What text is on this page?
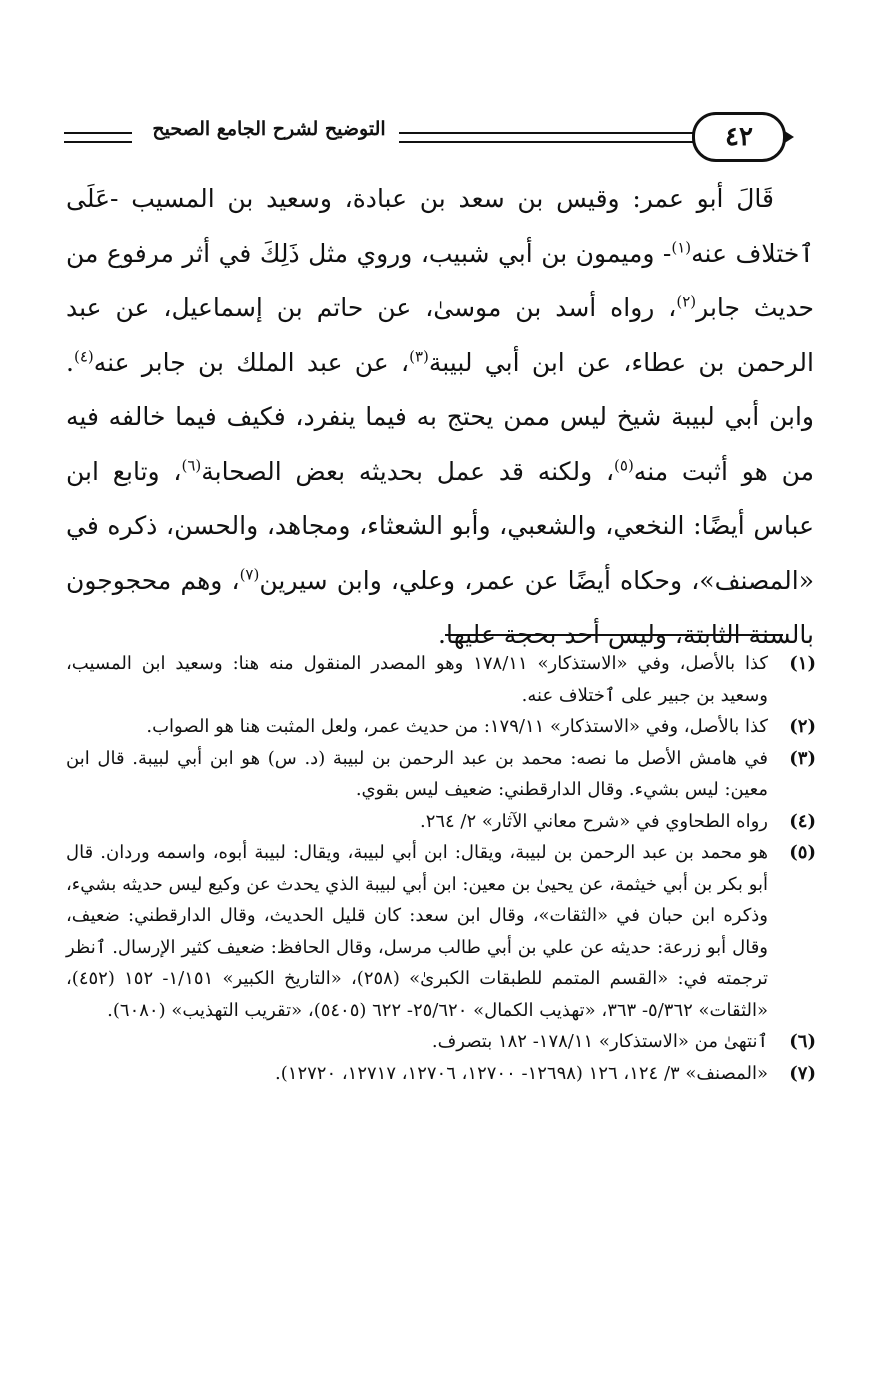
التوضيح لشرح الجامع الصحيح	٤٢

قَالَ أبو عمر: وقيس بن سعد بن عبادة، وسعيد بن المسيب -عَلَى ٱختلاف عنه$^{(١)}$- وميمون بن أبي شبيب، وروي مثل ذَلِكَ في أثر مرفوع من حديث جابر$^{(٢)}$، رواه أسد بن موسىٰ، عن حاتم بن إسماعيل، عن عبد الرحمن بن عطاء، عن ابن أبي لبيبة$^{(٣)}$، عن عبد الملك بن جابر عنه$^{(٤)}$. وابن أبي لبيبة شيخ ليس ممن يحتج به فيما ينفرد، فكيف فيما خالفه فيه من هو أثبت منه$^{(٥)}$، ولكنه قد عمل بحديثه بعض الصحابة$^{(٦)}$، وتابع ابن عباس أيضًا: النخعي، والشعبي، وأبو الشعثاء، ومجاهد، والحسن، ذكره في «المصنف»، وحكاه أيضًا عن عمر، وعلي، وابن سيرين$^{(٧)}$، وهم محجوجون بالسنة الثابتة، وليس أحد بحجة عليها.

(١)
كذا بالأصل، وفي «الاستذكار» ١٧٨/١١ وهو المصدر المنقول منه هنا: وسعيد ابن المسيب، وسعيد بن جبير على ٱختلاف عنه.
(٢)
كذا بالأصل، وفي «الاستذكار» ١٧٩/١١: من حديث عمر، ولعل المثبت هنا هو الصواب.
(٣)
في هامش الأصل ما نصه: محمد بن عبد الرحمن بن لبيبة (د. س) هو ابن أبي لبيبة. قال ابن معين: ليس بشيء. وقال الدارقطني: ضعيف ليس بقوي.
(٤)
رواه الطحاوي في «شرح معاني الآثار» ٢/ ٢٦٤.
(٥)
هو محمد بن عبد الرحمن بن لبيبة، ويقال: ابن أبي لبيبة، ويقال: لبيبة أبوه، واسمه وردان. قال أبو بكر بن أبي خيثمة، عن يحيىٰ بن معين: ابن أبي لبيبة الذي يحدث عن وكيع ليس حديثه بشيء، وذكره ابن حبان في «الثقات»، وقال ابن سعد: كان قليل الحديث، وقال الدارقطني: ضعيف، وقال أبو زرعة: حديثه عن علي بن أبي طالب مرسل، وقال الحافظ: ضعيف كثير الإرسال. ٱنظر ترجمته في: «القسم المتمم للطبقات الكبرىٰ» (٢٥٨)، «التاريخ الكبير» ١/١٥١- ١٥٢ (٤٥٢)، «الثقات» ٥/٣٦٢- ٣٦٣، «تهذيب الكمال» ٢٥/٦٢٠- ٦٢٢ (٥٤٠٥)، «تقريب التهذيب» (٦٠٨٠).
(٦)
ٱنتهىٰ من «الاستذكار» ١٧٨/١١- ١٨٢ بتصرف.
(٧)
«المصنف» ٣/ ١٢٤، ١٢٦ (١٢٦٩٨- ١٢٧٠٠، ١٢٧٠٦، ١٢٧١٧، ١٢٧٢٠).
